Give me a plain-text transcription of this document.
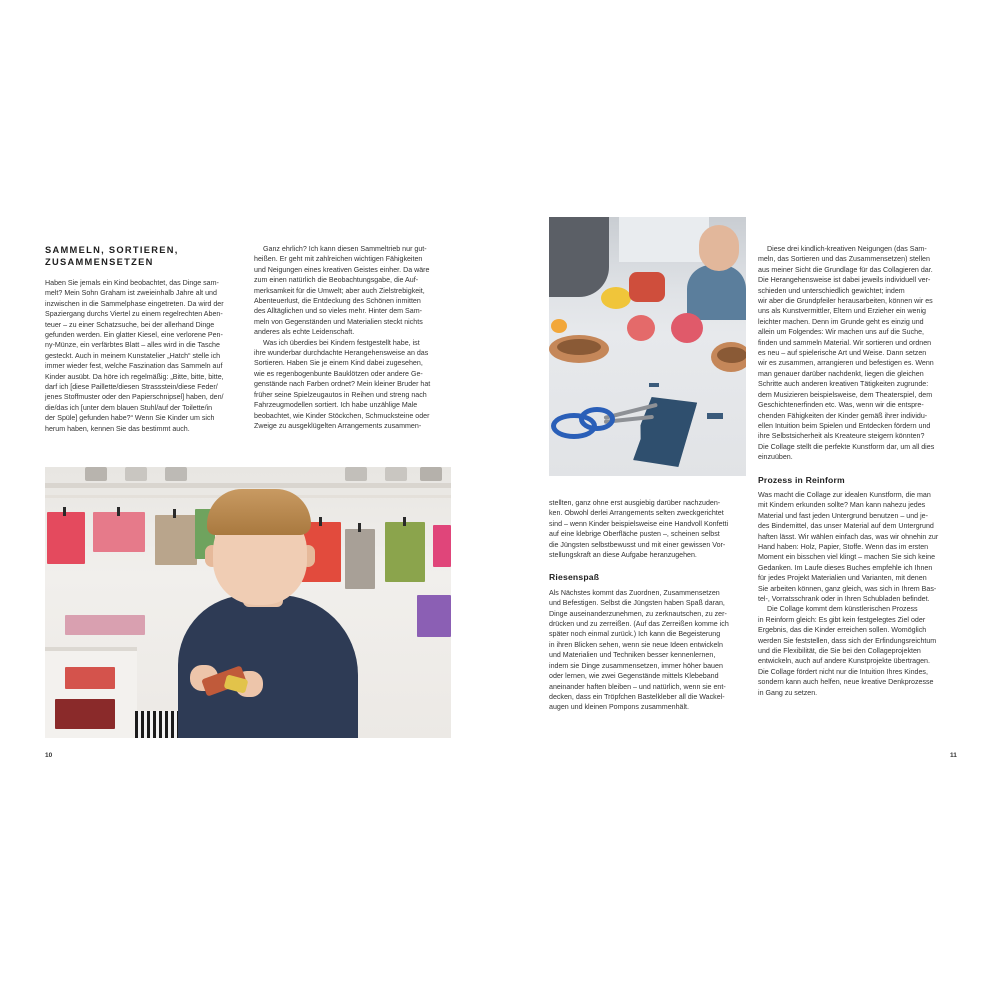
SAMMELN, SORTIEREN, ZUSAMMENSETZEN

Haben Sie jemals ein Kind beobachtet, das Dinge sam-
melt? Mein Sohn Graham ist zweieinhalb Jahre alt und
inzwischen in die Sammelphase eingetreten. Da wird der
Spaziergang durchs Viertel zu einem regelrechten Aben-
teuer – zu einer Schatzsuche, bei der allerhand Dinge
gefunden werden. Ein glatter Kiesel, eine verlorene Pen-
ny-Münze, ein verfärbtes Blatt – alles wird in die Tasche
gesteckt. Auch in meinem Kunstatelier „Hatch“ stelle ich
immer wieder fest, welche Faszination das Sammeln auf
Kinder ausübt. Da höre ich regelmäßig: „Bitte, bitte, bitte,
darf ich [diese Paillette/diesen Strassstein/diese Feder/
jenes Stoffmuster oder den Papierschnipsel] haben, den/
die/das ich [unter dem blauen Stuhl/auf der Toilette/in
der Spüle] gefunden habe?“ Wenn Sie Kinder um sich
herum haben, kennen Sie das bestimmt auch.

Ganz ehrlich? Ich kann diesen Sammeltrieb nur gut-
heißen. Er geht mit zahlreichen wichtigen Fähigkeiten
und Neigungen eines kreativen Geistes einher. Da wäre
zum einen natürlich die Beobachtungsgabe, die Auf-
merksamkeit für die Umwelt; aber auch Zielstrebigkeit,
Abenteuerlust, die Entdeckung des Schönen inmitten
des Alltäglichen und so vieles mehr. Hinter dem Sam-
meln von Gegenständen und Materialien steckt nichts
anderes als echte Leidenschaft.

Was ich überdies bei Kindern festgestellt habe, ist
ihre wunderbar durchdachte Herangehensweise an das
Sortieren. Haben Sie je einem Kind dabei zugesehen,
wie es regenbogenbunte Bauklötzen oder andere Ge-
genstände nach Farben ordnet? Mein kleiner Bruder hat
früher seine Spielzeugautos in Reihen und streng nach
Fahrzeugmodellen sortiert. Ich habe unzählige Male
beobachtet, wie Kinder Stöckchen, Schmucksteine oder
Zweige zu ausgeklügelten Arrangements zusammen-

10

stellten, ganz ohne erst ausgiebig darüber nachzuden-
ken. Obwohl derlei Arrangements selten zweckgerichtet
sind – wenn Kinder beispielsweise eine Handvoll Konfetti
auf eine klebrige Oberfläche pusten –, scheinen selbst
die Jüngsten selbstbewusst und mit einer gewissen Vor-
stellungskraft an diese Aufgabe heranzugehen.

Riesenspaß

Als Nächstes kommt das Zuordnen, Zusammensetzen
und Befestigen. Selbst die Jüngsten haben Spaß daran,
Dinge auseinanderzunehmen, zu zerknautschen, zu zer-
drücken und zu zerreißen. (Auf das Zerreißen komme ich
später noch einmal zurück.) Ich kann die Begeisterung
in ihren Blicken sehen, wenn sie neue Ideen entwickeln
und Materialien und Techniken besser kennenlernen,
indem sie Dinge zusammensetzen, immer höher bauen
oder lernen, wie zwei Gegenstände mittels Klebeband
aneinander haften bleiben – und natürlich, wenn sie ent-
decken, dass ein Tröpfchen Bastelkleber all die Wackel-
augen und kleinen Pompons zusammenhält.

Diese drei kindlich-kreativen Neigungen (das Sam-
meln, das Sortieren und das Zusammensetzen) stellen
aus meiner Sicht die Grundlage für das Collagieren dar.
Die Herangehensweise ist dabei jeweils individuell ver-
schieden und unterschiedlich gewichtet; indem
wir aber die Grundpfeiler herausarbeiten, können wir es
uns als Kunstvermittler, Eltern und Erzieher ein wenig
leichter machen. Denn im Grunde geht es einzig und
allein um Folgendes: Wir machen uns auf die Suche,
finden und sammeln Material. Wir sortieren und ordnen
es neu – auf spielerische Art und Weise. Dann setzen
wir es zusammen, arrangieren und befestigen es. Wenn
man genauer darüber nachdenkt, liegen die gleichen
Schritte auch anderen kreativen Tätigkeiten zugrunde:
dem Musizieren beispielsweise, dem Theaterspiel, dem
Geschichtenerfinden etc. Was, wenn wir die entspre-
chenden Fähigkeiten der Kinder gemäß ihrer individu-
ellen Intuition beim Spielen und Entdecken fördern und
ihre Selbstsicherheit als Kreateure steigern könnten?
Die Collage stellt die perfekte Kunstform dar, um all dies
einzuüben.

Prozess in Reinform

Was macht die Collage zur idealen Kunstform, die man
mit Kindern erkunden sollte? Man kann nahezu jedes
Material und fast jeden Untergrund benutzen – und je-
des Bindemittel, das unser Material auf dem Untergrund
haften lässt. Wir wählen einfach das, was wir ohnehin zur
Hand haben: Holz, Papier, Stoffe. Wenn das im ersten
Moment ein bisschen viel klingt – machen Sie sich keine
Gedanken. Im Laufe dieses Buches empfehle ich Ihnen
für jedes Projekt Materialien und Varianten, mit denen
Sie arbeiten können, ganz gleich, was sich in Ihrem Bas-
tel-, Vorratsschrank oder in Ihren Schubladen befindet.

Die Collage kommt dem künstlerischen Prozess
in Reinform gleich: Es gibt kein festgelegtes Ziel oder
Ergebnis, das die Kinder erreichen sollen. Womöglich
werden Sie feststellen, dass sich der Erfindungsreichtum
und die Flexibilität, die Sie bei den Collageprojekten
entwickeln, auch auf andere Kunstprojekte übertragen.
Die Collage fördert nicht nur die Intuition Ihres Kindes,
sondern kann auch helfen, neue kreative Denkprozesse
in Gang zu setzen.

11
